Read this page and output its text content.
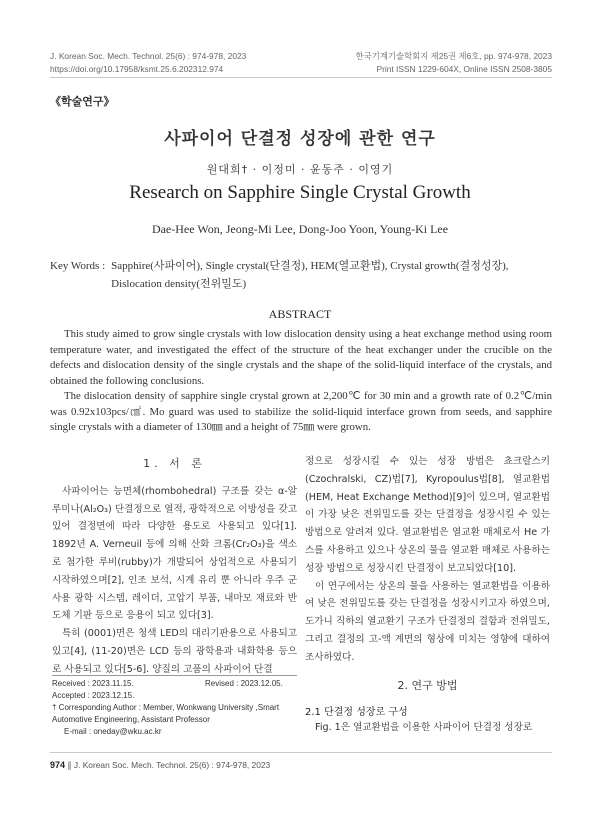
J. Korean Soc. Mech. Technol. 25(6) : 974-978, 2023
https://doi.org/10.17958/ksmt.25.6.202312.974
한국기계기술학회지 제25권 제6호, pp. 974-978, 2023
Print ISSN 1229-604X, Online ISSN 2508-3805
《학술연구》
사파이어 단결정 성장에 관한 연구
원대희† · 이정미 · 윤동주 · 이영기
Research on Sapphire Single Crystal Growth
Dae-Hee Won, Jeong-Mi Lee, Dong-Joo Yoon, Young-Ki Lee
Key Words : Sapphire(사파이어), Single crystal(단결정), HEM(열교환법), Crystal growth(결정성장), Dislocation density(전위밀도)
ABSTRACT

This study aimed to grow single crystals with low dislocation density using a heat exchange method using room temperature water, and investigated the effect of the structure of the heat exchanger under the crucible on the defects and dislocation density of the single crystals and the shape of the solid-liquid interface of the crystals, and obtained the following conclusions.

The dislocation density of sapphire single crystal grown at 2,200℃ for 30 min and a growth rate of 0.2℃/min was 0.92x103pcs/㎠. Mo guard was used to stabilize the solid-liquid interface grown from seeds, and sapphire single crystals with a diameter of 130㎜ and a height of 75㎜ were grown.

1. 서 론

사파이어는 능면체(rhombohedral) 구조를 갖는 α-알루미나(Al₂O₃) 단결정으로 열적, 광학적으로 이방성을 갖고 있어 결정면에 따라 다양한 용도로 사용되고 있다[1]. 1892년 A. Verneuil 등에 의해 산화 크롬(Cr₂O₃)을 색소로 첨가한 루비(rubby)가 개발되어 상업적으로 사용되기 시작하였으며[2], 인조 보석, 시계 유리 뿐 아니라 우주 군사용 광학 시스템, 레이더, 고압기 부품, 내마모 재료와 반도체 기판 등으로 응용이 되고 있다[3].

특히 (0001)면은 청색 LED의 대리기판용으로 사용되고 있고[4], (11-20)면은 LCD 등의 광학용과 내화학용 등으로 사용되고 있다[5-6]. 양질의 고품의 사파이어 단결

정으로 성장시킬 수 있는 성장 방법은 쵸크랄스키(Czochralski, CZ)법[7], Kyropoulus법[8], 열교환법(HEM, Heat Exchange Method)[9]이 있으며, 열교환법이 가장 낮은 전위밀도를 갖는 단결정을 성장시킬 수 있는 방법으로 알려져 있다. 열교환법은 열교환 매체로서 He 가스를 사용하고 있으나 상온의 물을 열교환 매체로 사용하는 성장 방법으로 성장시킨 단결정이 보고되었다[10].

이 연구에서는 상온의 물을 사용하는 열교환법을 이용하여 낮은 전위밀도를 갖는 단결정을 성장시키고자 하였으며, 도가니 직하의 열교환기 구조가 단결정의 결함과 전위밀도, 그리고 결정의 고-액 계면의 형상에 미치는 영향에 대하여 조사하였다.

2. 연구 방법
2.1 단결정 성장로 구성
Fig. 1은 열교환법을 이용한 사파이어 단결정 성장로
Received : 2023.11.15.	Revised : 2023.12.05.
Accepted : 2023.12.15.
† Corresponding Author : Member, Wonkwang University ,Smart Automotive Engineering, Assistant Professor
E-mail : oneday@wku.ac.kr
974 ∥ J. Korean Soc. Mech. Technol. 25(6) : 974-978, 2023
